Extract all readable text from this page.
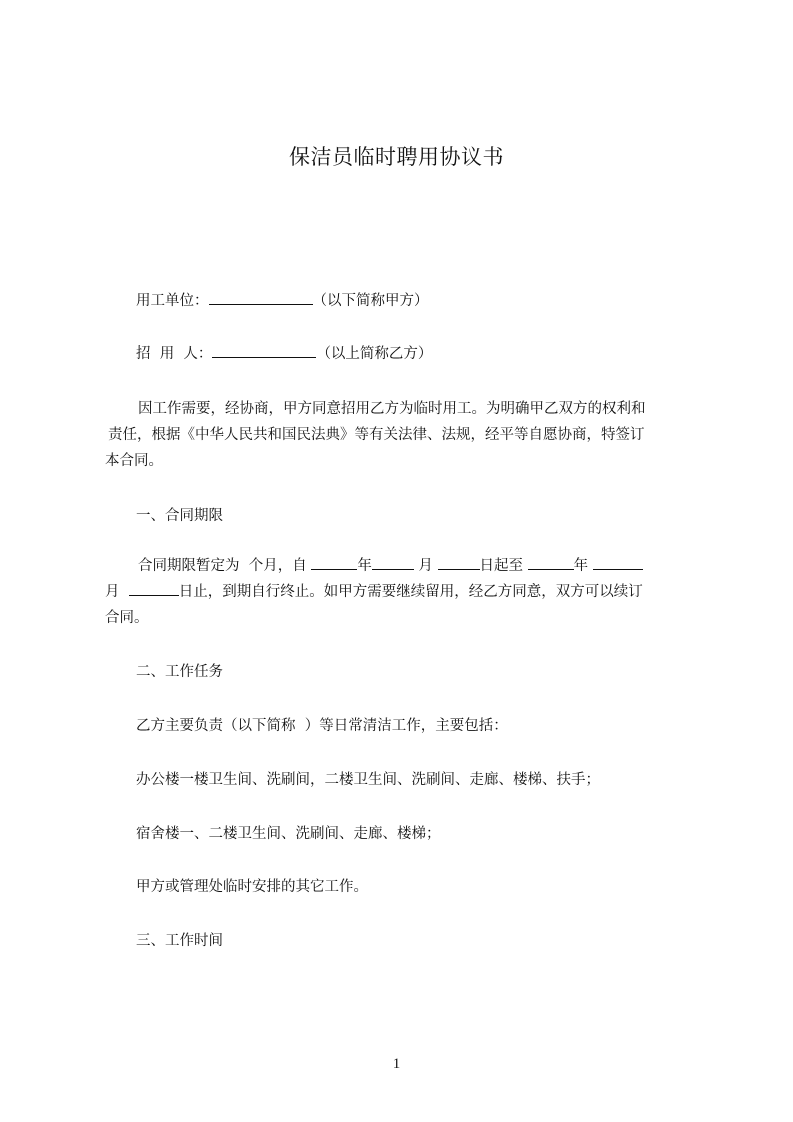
保洁员临时聘用协议书

用工单位：	（以下简称甲方）

招  用  人：	（以上简称乙方）

因工作需要，经协商，甲方同意招用乙方为临时用工。为明确甲乙双方的权利和
责任，根据《中华人民共和国民法典》等有关法律、法规，经平等自愿协商，特签订
本合同。

一、合同期限

合同期限暂定为  个月，自	年	月	日起至	年
月	日止，到期自行终止。如甲方需要继续留用，经乙方同意，双方可以续订
合同。

二、工作任务

乙方主要负责（以下简称  ）等日常清洁工作，主要包括：

办公楼一楼卫生间、洗刷间，二楼卫生间、洗刷间、走廊、楼梯、扶手；

宿舍楼一、二楼卫生间、洗刷间、走廊、楼梯；

甲方或管理处临时安排的其它工作。

三、工作时间

1
